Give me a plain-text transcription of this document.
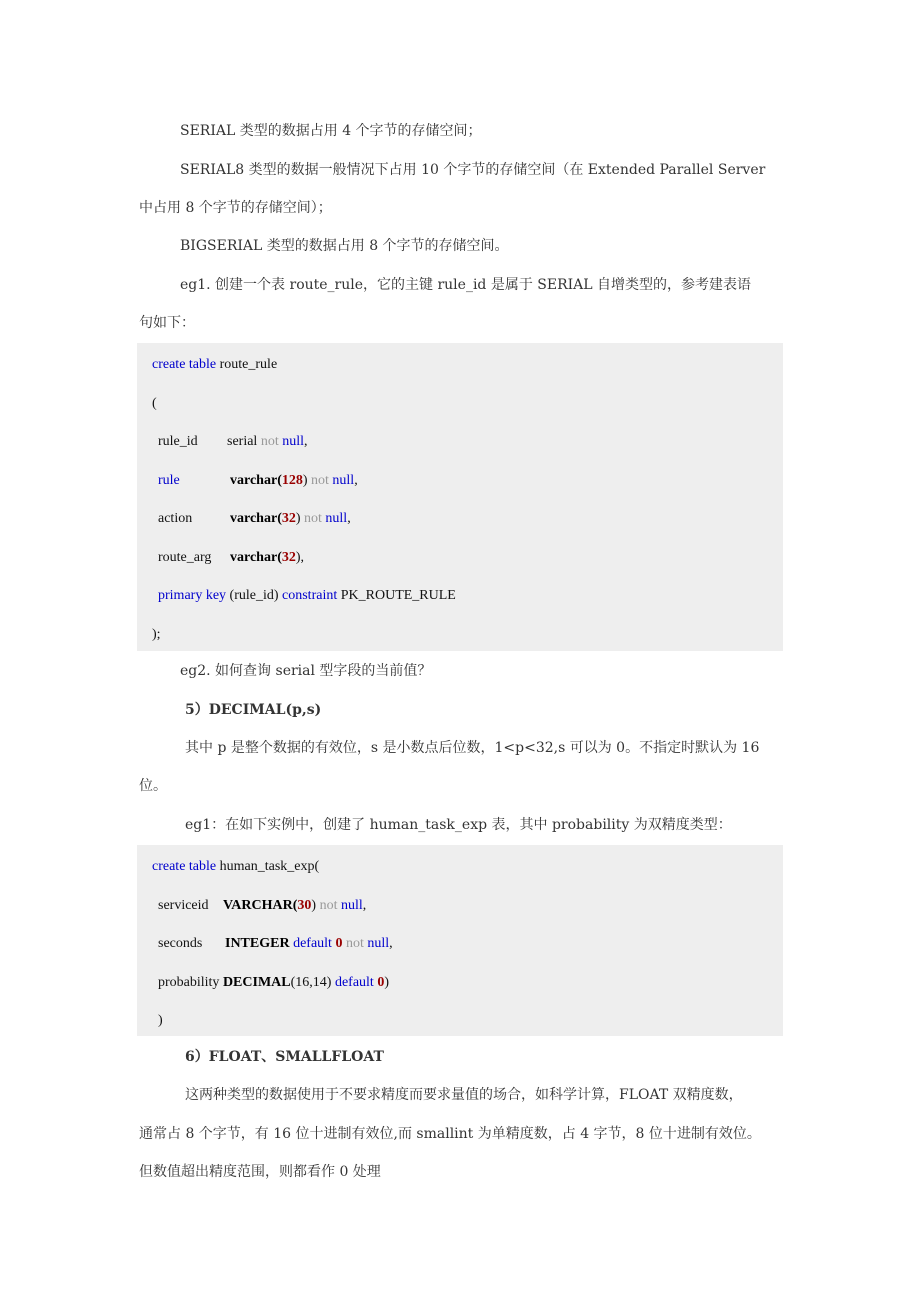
SERIAL 类型的数据占用 4 个字节的存储空间；
SERIAL8 类型的数据一般情况下占用 10 个字节的存储空间（在 Extended Parallel Server
中占用 8 个字节的存储空间）；
BIGSERIAL 类型的数据占用 8 个字节的存储空间。
eg1. 创建一个表 route_rule，它的主键 rule_id 是属于 SERIAL 自增类型的，参考建表语
句如下：
create table route_rule
(
rule_id serial not null,
rule	varchar(128) not null,
action	varchar(32) not null,
route_arg varchar(32),
primary key (rule_id) constraint PK_ROUTE_RULE
);
eg2. 如何查询 serial 型字段的当前值？
5）DECIMAL(p,s)
其中 p 是整个数据的有效位，s 是小数点后位数，1<p<32,s 可以为 0。不指定时默认为 16
位。
eg1：在如下实例中，创建了 human_task_exp 表，其中 probability 为双精度类型：
create table human_task_exp(
serviceid VARCHAR(30) not null,
seconds INTEGER default 0 not null,
probability DECIMAL(16,14) default 0)
)
6）FLOAT、SMALLFLOAT
这两种类型的数据使用于不要求精度而要求量值的场合，如科学计算，FLOAT 双精度数，
通常占 8 个字节，有 16 位十进制有效位,而 smallint 为单精度数，占 4 字节，8 位十进制有效位。
但数值超出精度范围，则都看作 0 处理
